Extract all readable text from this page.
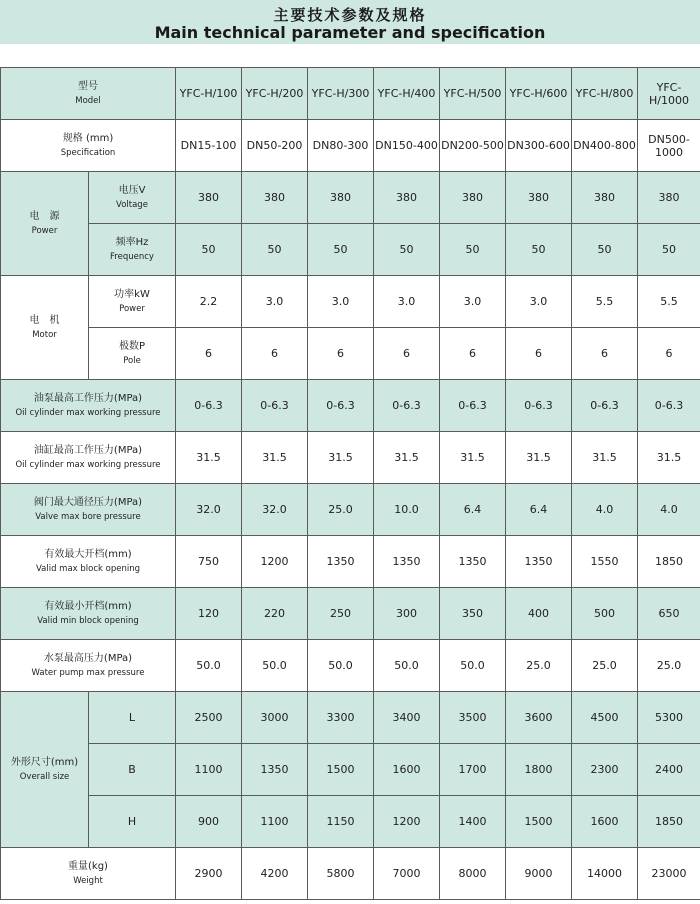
主要技术参数及规格
Main technical parameter and specification
型号
Model		YFC-H/100	YFC-H/200	YFC-H/300	YFC-H/400	YFC-H/500	YFC-H/600	YFC-H/800	YFC-H/1000

规格 (mm)
Specification		DN15-100	DN50-200	DN80-300	DN150-400	DN200-500	DN300-600	DN400-800	DN500-1000

电　源
Power	电压V
Voltage	380	380	380	380	380	380	380	380

	频率Hz
Frequency	50	50	50	50	50	50	50	50

电　机
Motor	功率kW
Power	2.2	3.0	3.0	3.0	3.0	3.0	5.5	5.5

	极数P
Pole	6	6	6	6	6	6	6	6

油泵最高工作压力(MPa)
Oil cylinder max working pressure		0-6.3	0-6.3	0-6.3	0-6.3	0-6.3	0-6.3	0-6.3	0-6.3

油缸最高工作压力(MPa)
Oil cylinder max working pressure		31.5	31.5	31.5	31.5	31.5	31.5	31.5	31.5

阀门最大通径压力(MPa)
Valve max bore pressure		32.0	32.0	25.0	10.0	6.4	6.4	4.0	4.0

有效最大开档(mm)
Valid max block opening		750	1200	1350	1350	1350	1350	1550	1850

有效最小开档(mm)
Valid min block opening		120	220	250	300	350	400	500	650

水泵最高压力(MPa)
Water pump max pressure		50.0	50.0	50.0	50.0	50.0	25.0	25.0	25.0

外形尺寸(mm)
Overall size	L	2500	3000	3300	3400	3500	3600	4500	5300
	B	1100	1350	1500	1600	1700	1800	2300	2400
	H	900	1100	1150	1200	1400	1500	1600	1850

重量(kg)
Weight		2900	4200	5800	7000	8000	9000	14000	23000
